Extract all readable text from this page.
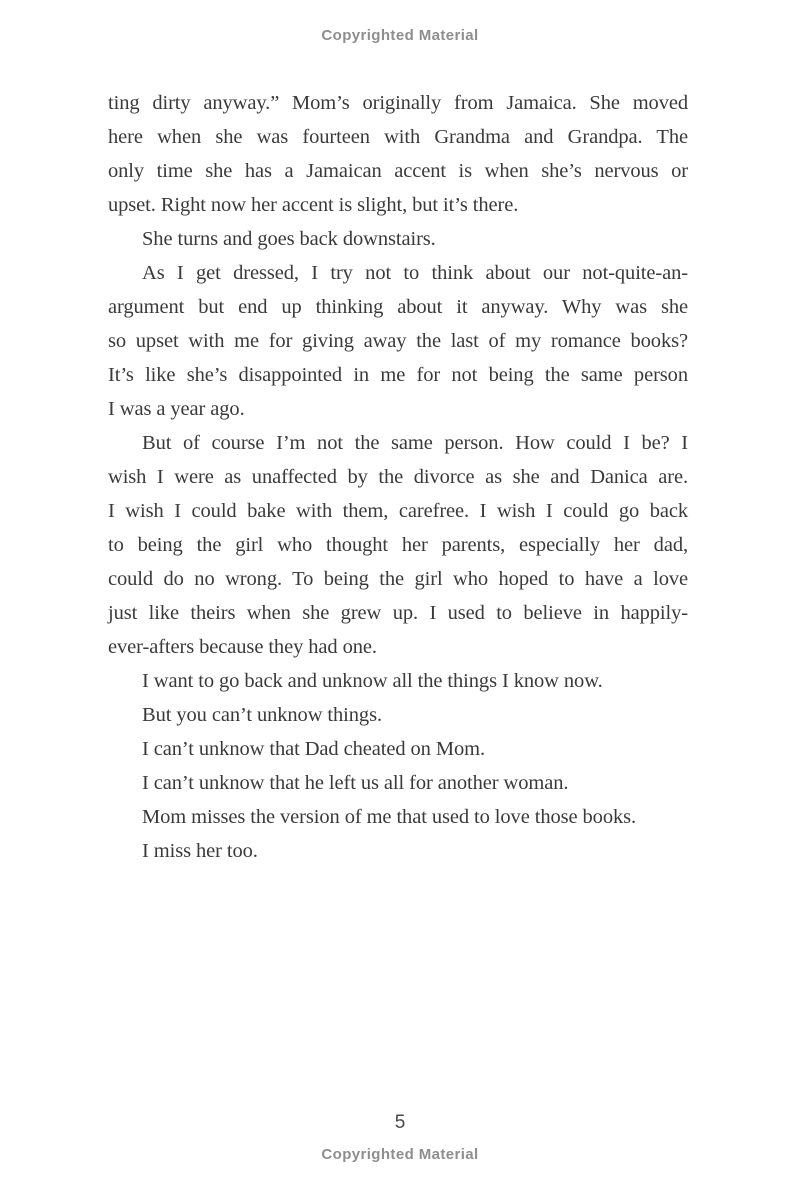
Copyrighted Material
ting dirty anyway.” Mom’s originally from Jamaica. She moved
here when she was fourteen with Grandma and Grandpa. The
only time she has a Jamaican accent is when she’s nervous or
upset. Right now her accent is slight, but it’s there.
She turns and goes back downstairs.
As I get dressed, I try not to think about our not-quite-an-
argument but end up thinking about it anyway. Why was she
so upset with me for giving away the last of my romance books?
It’s like she’s disappointed in me for not being the same person
I was a year ago.
But of course I’m not the same person. How could I be? I
wish I were as unaffected by the divorce as she and Danica are.
I wish I could bake with them, carefree. I wish I could go back
to being the girl who thought her parents, especially her dad,
could do no wrong. To being the girl who hoped to have a love
just like theirs when she grew up. I used to believe in happily-
ever-afters because they had one.
I want to go back and unknow all the things I know now.
But you can’t unknow things.
I can’t unknow that Dad cheated on Mom.
I can’t unknow that he left us all for another woman.
Mom misses the version of me that used to love those books.
I miss her too.
5
Copyrighted Material
